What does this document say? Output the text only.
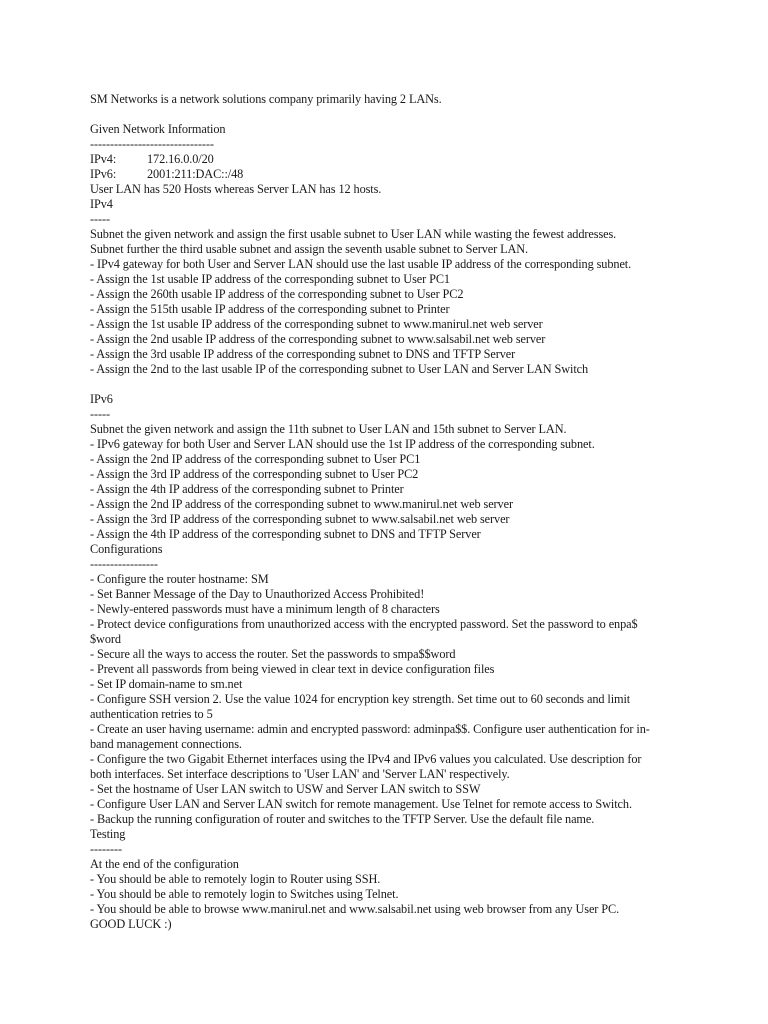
SM Networks is a network solutions company primarily having 2 LANs.

Given Network Information

-------------------------------

IPv4:	172.16.0.0/20
IPv6:	2001:211:DAC::/48

User LAN has 520 Hosts whereas Server LAN has 12 hosts.

IPv4

-----

Subnet the given network and assign the first usable subnet to User LAN while wasting the fewest addresses.

Subnet further the third usable subnet and assign the seventh usable subnet to Server LAN.

- IPv4 gateway for both User and Server LAN should use the last usable IP address of the corresponding subnet.

- Assign the 1st usable IP address of the corresponding subnet to User PC1

- Assign the 260th usable IP address of the corresponding subnet to User PC2

- Assign the 515th usable IP address of the corresponding subnet to Printer

- Assign the 1st usable IP address of the corresponding subnet to www.manirul.net web server

- Assign the 2nd usable IP address of the corresponding subnet to www.salsabil.net web server

- Assign the 3rd usable IP address of the corresponding subnet to DNS and TFTP Server

- Assign the 2nd to the last usable IP of the corresponding subnet to User LAN and Server LAN Switch

IPv6

-----

Subnet the given network and assign the 11th subnet to User LAN and 15th subnet to Server LAN.

- IPv6 gateway for both User and Server LAN should use the 1st IP address of the corresponding subnet.

- Assign the 2nd IP address of the corresponding subnet to User PC1

- Assign the 3rd IP address of the corresponding subnet to User PC2

- Assign the 4th IP address of the corresponding subnet to Printer

- Assign the 2nd IP address of the corresponding subnet to www.manirul.net web server

- Assign the 3rd IP address of the corresponding subnet to www.salsabil.net web server

- Assign the 4th IP address of the corresponding subnet to DNS and TFTP Server

Configurations

-----------------

- Configure the router hostname: SM

- Set Banner Message of the Day to Unauthorized Access Prohibited!

- Newly-entered passwords must have a minimum length of 8 characters

- Protect device configurations from unauthorized access with the encrypted password. Set the password to enpa$

$word

- Secure all the ways to access the router. Set the passwords to smpa$$word

- Prevent all passwords from being viewed in clear text in device configuration files

- Set IP domain-name to sm.net

- Configure SSH version 2. Use the value 1024 for encryption key strength. Set time out to 60 seconds and limit

authentication retries to 5

- Create an user having username: admin and encrypted password: adminpa$$. Configure user authentication for in-

band management connections.

- Configure the two Gigabit Ethernet interfaces using the IPv4 and IPv6 values you calculated. Use description for

both interfaces. Set interface descriptions to 'User LAN' and 'Server LAN' respectively.

- Set the hostname of User LAN switch to USW and Server LAN switch to SSW

- Configure User LAN and Server LAN switch for remote management. Use Telnet for remote access to Switch.

- Backup the running configuration of router and switches to the TFTP Server. Use the default file name.

Testing

--------

At the end of the configuration

- You should be able to remotely login to Router using SSH.

- You should be able to remotely login to Switches using Telnet.

- You should be able to browse www.manirul.net and www.salsabil.net using web browser from any User PC.

GOOD LUCK :)
